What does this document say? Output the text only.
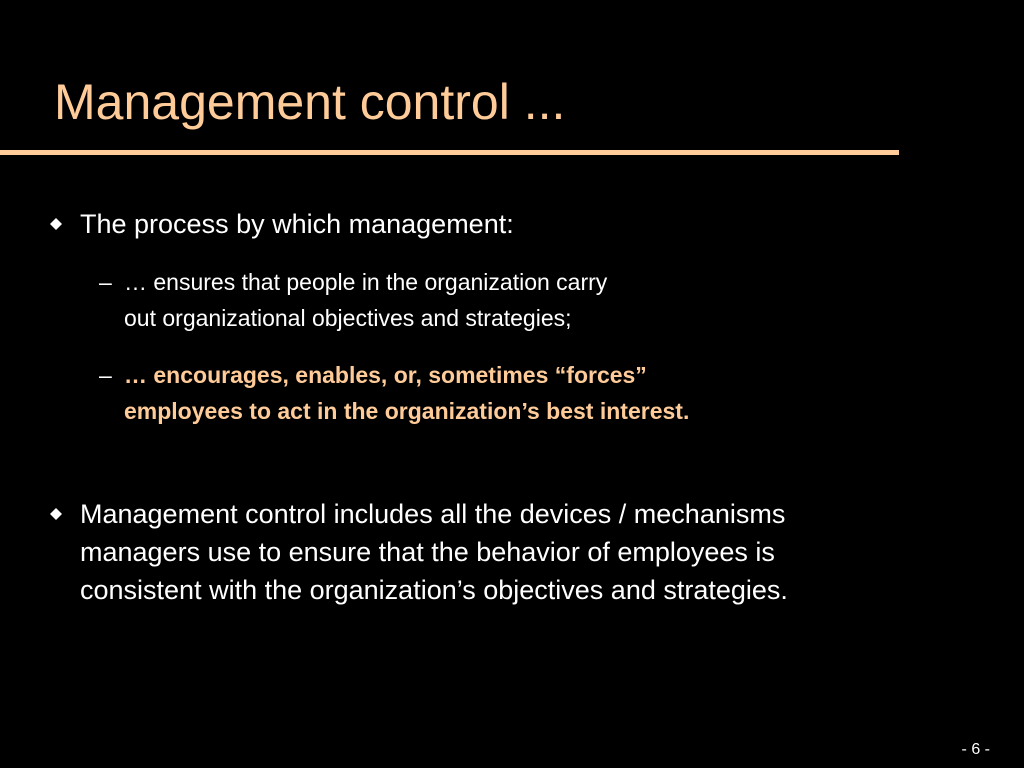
Management control ...
The process by which management:
– … ensures that people in the organization carry
out organizational objectives and strategies;
– … encourages, enables, or, sometimes “forces”
employees to act in the organization’s best interest.
Management control includes all the devices / mechanisms
managers use to ensure that the behavior of employees is
consistent with the organization’s objectives and strategies.
- 6 -
